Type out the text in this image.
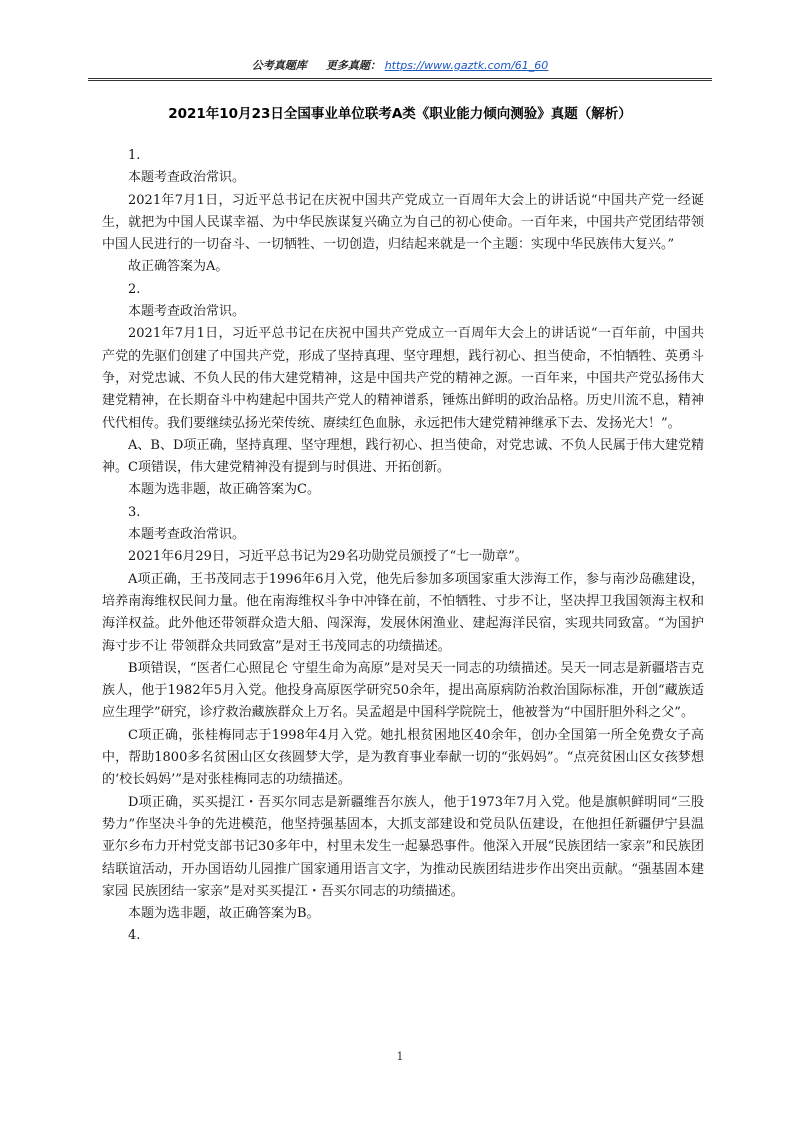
公考真题库 更多真题： https://www.gaztk.com/61_60
2021年10月23日全国事业单位联考A类《职业能力倾向测验》真题（解析）

1.

本题考查政治常识。

2021年7月1日，习近平总书记在庆祝中国共产党成立一百周年大会上的讲话说“中国共产党一经诞生，就把为中国人民谋幸福、为中华民族谋复兴确立为自己的初心使命。一百年来，中国共产党团结带领中国人民进行的一切奋斗、一切牺牲、一切创造，归结起来就是一个主题：实现中华民族伟大复兴。”

故正确答案为A。

2.

本题考查政治常识。

2021年7月1日，习近平总书记在庆祝中国共产党成立一百周年大会上的讲话说“一百年前，中国共产党的先驱们创建了中国共产党，形成了坚持真理、坚守理想，践行初心、担当使命，不怕牺牲、英勇斗争，对党忠诚、不负人民的伟大建党精神，这是中国共产党的精神之源。一百年来，中国共产党弘扬伟大建党精神，在长期奋斗中构建起中国共产党人的精神谱系，锤炼出鲜明的政治品格。历史川流不息，精神代代相传。我们要继续弘扬光荣传统、赓续红色血脉，永远把伟大建党精神继承下去、发扬光大！”。

A、B、D项正确，坚持真理、坚守理想，践行初心、担当使命，对党忠诚、不负人民属于伟大建党精神。C项错误，伟大建党精神没有提到与时俱进、开拓创新。

本题为选非题，故正确答案为C。

3.

本题考查政治常识。

2021年6月29日，习近平总书记为29名功勋党员颁授了“七一勋章”。

A项正确，王书茂同志于1996年6月入党，他先后参加多项国家重大涉海工作，参与南沙岛礁建设，培养南海维权民间力量。他在南海维权斗争中冲锋在前，不怕牺牲、寸步不让，坚决捍卫我国领海主权和海洋权益。此外他还带领群众造大船、闯深海，发展休闲渔业、建起海洋民宿，实现共同致富。“为国护海寸步不让 带领群众共同致富”是对王书茂同志的功绩描述。

B项错误，“医者仁心照昆仑 守望生命为高原”是对吴天一同志的功绩描述。吴天一同志是新疆塔吉克族人，他于1982年5月入党。他投身高原医学研究50余年，提出高原病防治救治国际标准，开创“藏族适应生理学”研究，诊疗救治藏族群众上万名。吴孟超是中国科学院院士，他被誉为“中国肝胆外科之父”。

C项正确，张桂梅同志于1998年4月入党。她扎根贫困地区40余年，创办全国第一所全免费女子高中，帮助1800多名贫困山区女孩圆梦大学，是为教育事业奉献一切的“张妈妈”。“点亮贫困山区女孩梦想的‘校长妈妈’”是对张桂梅同志的功绩描述。

D项正确，买买提江・吾买尔同志是新疆维吾尔族人，他于1973年7月入党。他是旗帜鲜明同“三股势力”作坚决斗争的先进模范，他坚持强基固本，大抓支部建设和党员队伍建设，在他担任新疆伊宁县温亚尔乡布力开村党支部书记30多年中，村里未发生一起暴恐事件。他深入开展“民族团结一家亲”和民族团结联谊活动，开办国语幼儿园推广国家通用语言文字，为推动民族团结进步作出突出贡献。“强基固本建家园 民族团结一家亲”是对买买提江・吾买尔同志的功绩描述。

本题为选非题，故正确答案为B。

4.

1
